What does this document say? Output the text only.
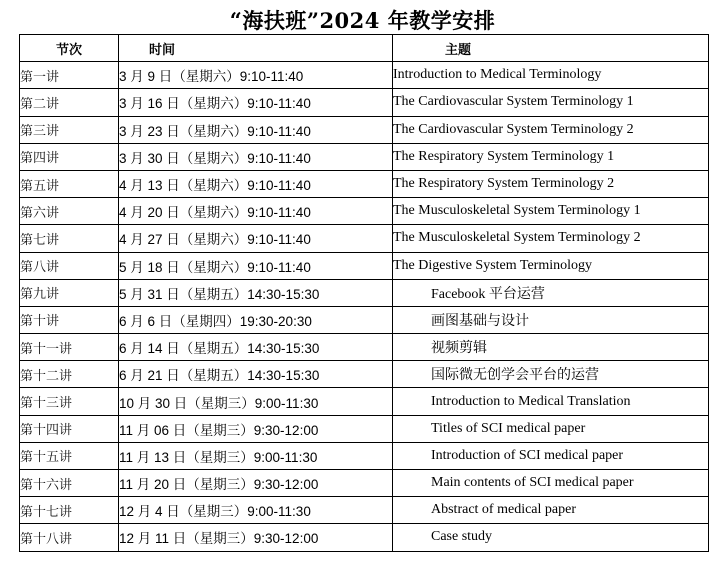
“海扶班”2024 年教学安排
节次	时间	主题
第一讲	3 月 9 日（星期六）9:10-11:40	Introduction to Medical Terminology
第二讲	3 月 16 日（星期六）9:10-11:40	The Cardiovascular System Terminology 1
第三讲	3 月 23 日（星期六）9:10-11:40	The Cardiovascular System Terminology 2
第四讲	3 月 30 日（星期六）9:10-11:40	The Respiratory System Terminology 1
第五讲	4 月 13 日（星期六）9:10-11:40	The Respiratory System Terminology 2
第六讲	4 月 20 日（星期六）9:10-11:40	The Musculoskeletal System Terminology 1
第七讲	4 月 27 日（星期六）9:10-11:40	The Musculoskeletal System Terminology 2
第八讲	5 月 18 日（星期六）9:10-11:40	The Digestive System Terminology
第九讲	5 月 31 日（星期五）14:30-15:30	Facebook 平台运营
第十讲	6 月 6 日（星期四）19:30-20:30	画图基础与设计
第十一讲	6 月 14 日（星期五）14:30-15:30	视频剪辑
第十二讲	6 月 21 日（星期五）14:30-15:30	国际微无创学会平台的运营
第十三讲	10 月 30 日（星期三）9:00-11:30	Introduction to Medical Translation
第十四讲	11 月 06 日（星期三）9:30-12:00	Titles of SCI medical paper
第十五讲	11 月 13 日（星期三）9:00-11:30	Introduction of SCI medical paper
第十六讲	11 月 20 日（星期三）9:30-12:00	Main contents of SCI medical paper
第十七讲	12 月 4 日（星期三）9:00-11:30	Abstract of medical paper
第十八讲	12 月 11 日（星期三）9:30-12:00	Case study
